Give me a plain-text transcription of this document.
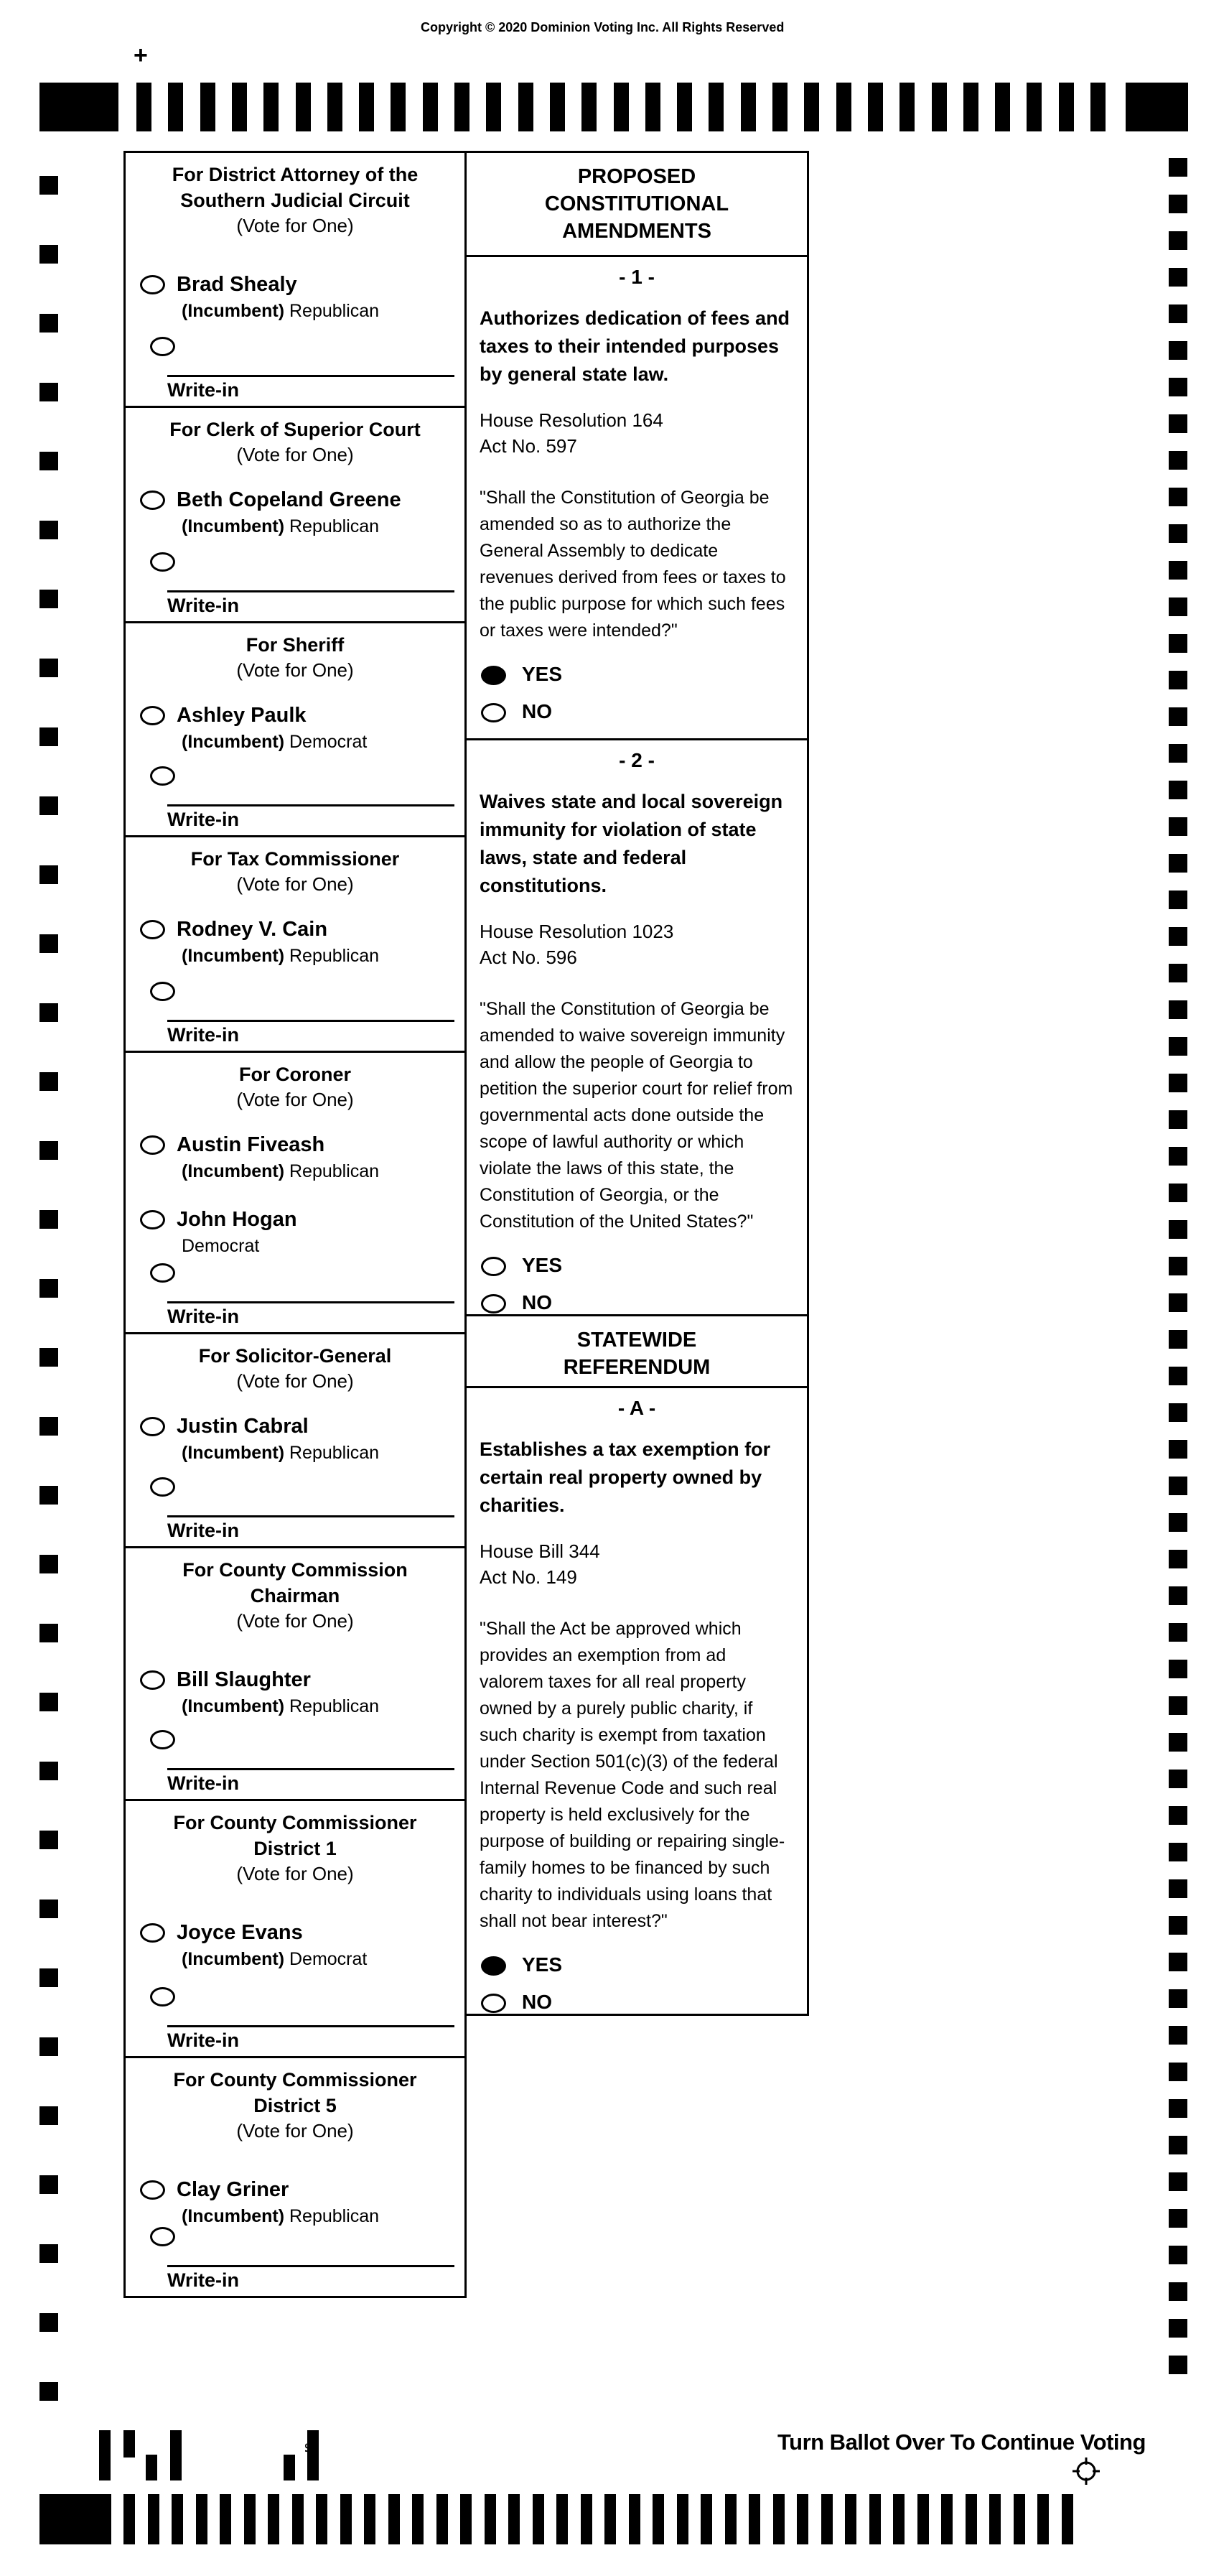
Copyright © 2020 Dominion Voting Inc. All Rights Reserved
+
For District Attorney of the
Southern Judicial Circuit
(Vote for One)
Brad Shealy
(Incumbent) Republican
Write-in
For Clerk of Superior Court
(Vote for One)
Beth Copeland Greene
(Incumbent) Republican
Write-in
For Sheriff
(Vote for One)
Ashley Paulk
(Incumbent) Democrat
Write-in
For Tax Commissioner
(Vote for One)
Rodney V. Cain
(Incumbent) Republican
Write-in
For Coroner
(Vote for One)
Austin Fiveash
(Incumbent) Republican
John Hogan
Democrat
Write-in
For Solicitor-General
(Vote for One)
Justin Cabral
(Incumbent) Republican
Write-in
For County Commission
Chairman
(Vote for One)
Bill Slaughter
(Incumbent) Republican
Write-in
For County Commissioner
District 1
(Vote for One)
Joyce Evans
(Incumbent) Democrat
Write-in
For County Commissioner
District 5
(Vote for One)
Clay Griner
(Incumbent) Republican
Write-in
PROPOSED
CONSTITUTIONAL
AMENDMENTS
- 1 -
Authorizes dedication of fees and taxes to their intended purposes by general state law.
House Resolution 164
Act No. 597
"Shall the Constitution of Georgia be amended so as to authorize the General Assembly to dedicate revenues derived from fees or taxes to the public purpose for which such fees or taxes were intended?"
YES
NO
- 2 -
Waives state and local sovereign immunity for violation of state laws, state and federal constitutions.
House Resolution 1023
Act No. 596
"Shall the Constitution of Georgia be amended to waive sovereign immunity and allow the people of Georgia to petition the superior court for relief from governmental acts done outside the scope of lawful authority or which violate the laws of this state, the Constitution of Georgia, or the Constitution of the United States?"
YES
NO
STATEWIDE
REFERENDUM
- A -
Establishes a tax exemption for certain real property owned by charities.
House Bill 344
Act No. 149
"Shall the Act be approved which provides an exemption from ad valorem taxes for all real property owned by a purely public charity, if such charity is exempt from taxation under Section 501(c)(3) of the federal Internal Revenue Code and such real property is held exclusively for the purpose of building or repairing single-family homes to be financed by such charity to individuals using loans that shall not bear interest?"
YES
NO
Turn Ballot Over To Continue Voting
57
